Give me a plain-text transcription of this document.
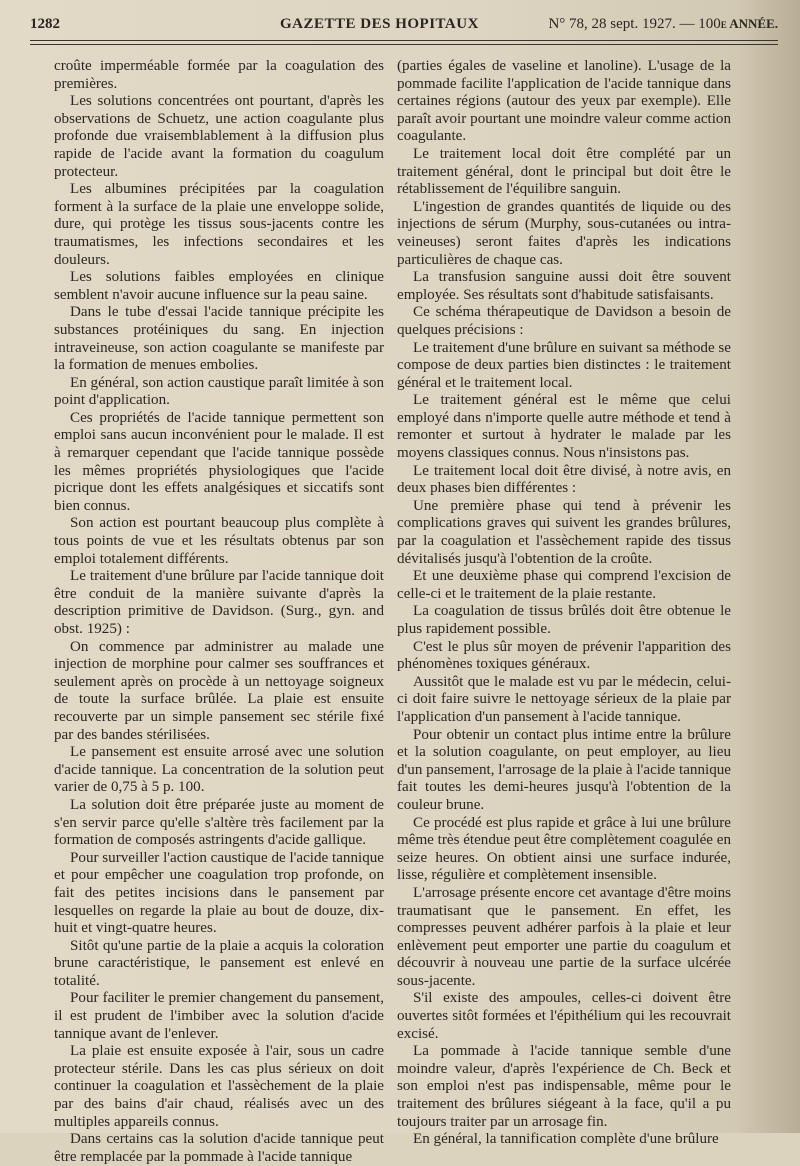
1282	GAZETTE DES HOPITAUX	N° 78, 28 sept. 1927. — 100e ANNÉE.

croûte imperméable formée par la coagulation des premières.

Les solutions concentrées ont pourtant, d'après les observations de Schuetz, une action coagulante plus profonde due vraisemblablement à la diffusion plus rapide de l'acide avant la formation du coagulum protecteur.

Les albumines précipitées par la coagulation forment à la surface de la plaie une enveloppe solide, dure, qui protège les tissus sous-jacents contre les traumatismes, les infections secondaires et les douleurs.

Les solutions faibles employées en clinique semblent n'avoir aucune influence sur la peau saine.

Dans le tube d'essai l'acide tannique précipite les substances protéiniques du sang. En injection intraveineuse, son action coagulante se manifeste par la formation de menues embolies.

En général, son action caustique paraît limitée à son point d'application.

Ces propriétés de l'acide tannique permettent son emploi sans aucun inconvénient pour le malade. Il est à remarquer cependant que l'acide tannique possède les mêmes propriétés physiologiques que l'acide picrique dont les effets analgésiques et siccatifs sont bien connus.

Son action est pourtant beaucoup plus complète à tous points de vue et les résultats obtenus par son emploi totalement différents.

Le traitement d'une brûlure par l'acide tannique doit être conduit de la manière suivante d'après la description primitive de Davidson. (Surg., gyn. and obst. 1925) :

On commence par administrer au malade une injection de morphine pour calmer ses souffrances et seulement après on procède à un nettoyage soigneux de toute la surface brûlée. La plaie est ensuite recouverte par un simple pansement sec stérile fixé par des bandes stérilisées.

Le pansement est ensuite arrosé avec une solution d'acide tannique. La concentration de la solution peut varier de 0,75 à 5 p. 100.

La solution doit être préparée juste au moment de s'en servir parce qu'elle s'altère très facilement par la formation de composés astringents d'acide gallique.

Pour surveiller l'action caustique de l'acide tannique et pour empêcher une coagulation trop profonde, on fait des petites incisions dans le pansement par lesquelles on regarde la plaie au bout de douze, dix-huit et vingt-quatre heures.

Sitôt qu'une partie de la plaie a acquis la coloration brune caractéristique, le pansement est enlevé en totalité.

Pour faciliter le premier changement du pansement, il est prudent de l'imbiber avec la solution d'acide tannique avant de l'enlever.

La plaie est ensuite exposée à l'air, sous un cadre protecteur stérile. Dans les cas plus sérieux on doit continuer la coagulation et l'assèchement de la plaie par des bains d'air chaud, réalisés avec un des multiples appareils connus.

Dans certains cas la solution d'acide tannique peut être remplacée par la pommade à l'acide tannique

(parties égales de vaseline et lanoline). L'usage de la pommade facilite l'application de l'acide tannique dans certaines régions (autour des yeux par exemple). Elle paraît avoir pourtant une moindre valeur comme action coagulante.

Le traitement local doit être complété par un traitement général, dont le principal but doit être le rétablissement de l'équilibre sanguin.

L'ingestion de grandes quantités de liquide ou des injections de sérum (Murphy, sous-cutanées ou intra-veineuses) seront faites d'après les indications particulières de chaque cas.

La transfusion sanguine aussi doit être souvent employée. Ses résultats sont d'habitude satisfaisants.

Ce schéma thérapeutique de Davidson a besoin de quelques précisions :

Le traitement d'une brûlure en suivant sa méthode se compose de deux parties bien distinctes : le traitement général et le traitement local.

Le traitement général est le même que celui employé dans n'importe quelle autre méthode et tend à remonter et surtout à hydrater le malade par les moyens classiques connus. Nous n'insistons pas.

Le traitement local doit être divisé, à notre avis, en deux phases bien différentes :

Une première phase qui tend à prévenir les complications graves qui suivent les grandes brûlures, par la coagulation et l'assèchement rapide des tissus dévitalisés jusqu'à l'obtention de la croûte.

Et une deuxième phase qui comprend l'excision de celle-ci et le traitement de la plaie restante.

La coagulation de tissus brûlés doit être obtenue le plus rapidement possible.

C'est le plus sûr moyen de prévenir l'apparition des phénomènes toxiques généraux.

Aussitôt que le malade est vu par le médecin, celui-ci doit faire suivre le nettoyage sérieux de la plaie par l'application d'un pansement à l'acide tannique.

Pour obtenir un contact plus intime entre la brûlure et la solution coagulante, on peut employer, au lieu d'un pansement, l'arrosage de la plaie à l'acide tannique fait toutes les demi-heures jusqu'à l'obtention de la couleur brune.

Ce procédé est plus rapide et grâce à lui une brûlure même très étendue peut être complètement coagulée en seize heures. On obtient ainsi une surface indurée, lisse, régulière et complètement insensible.

L'arrosage présente encore cet avantage d'être moins traumatisant que le pansement. En effet, les compresses peuvent adhérer parfois à la plaie et leur enlèvement peut emporter une partie du coagulum et découvrir à nouveau une partie de la surface ulcérée sous-jacente.

S'il existe des ampoules, celles-ci doivent être ouvertes sitôt formées et l'épithélium qui les recouvrait excisé.

La pommade à l'acide tannique semble d'une moindre valeur, d'après l'expérience de Ch. Beck et son emploi n'est pas indispensable, même pour le traitement des brûlures siégeant à la face, qu'il a pu toujours traiter par un arrosage fin.

En général, la tannification complète d'une brûlure
